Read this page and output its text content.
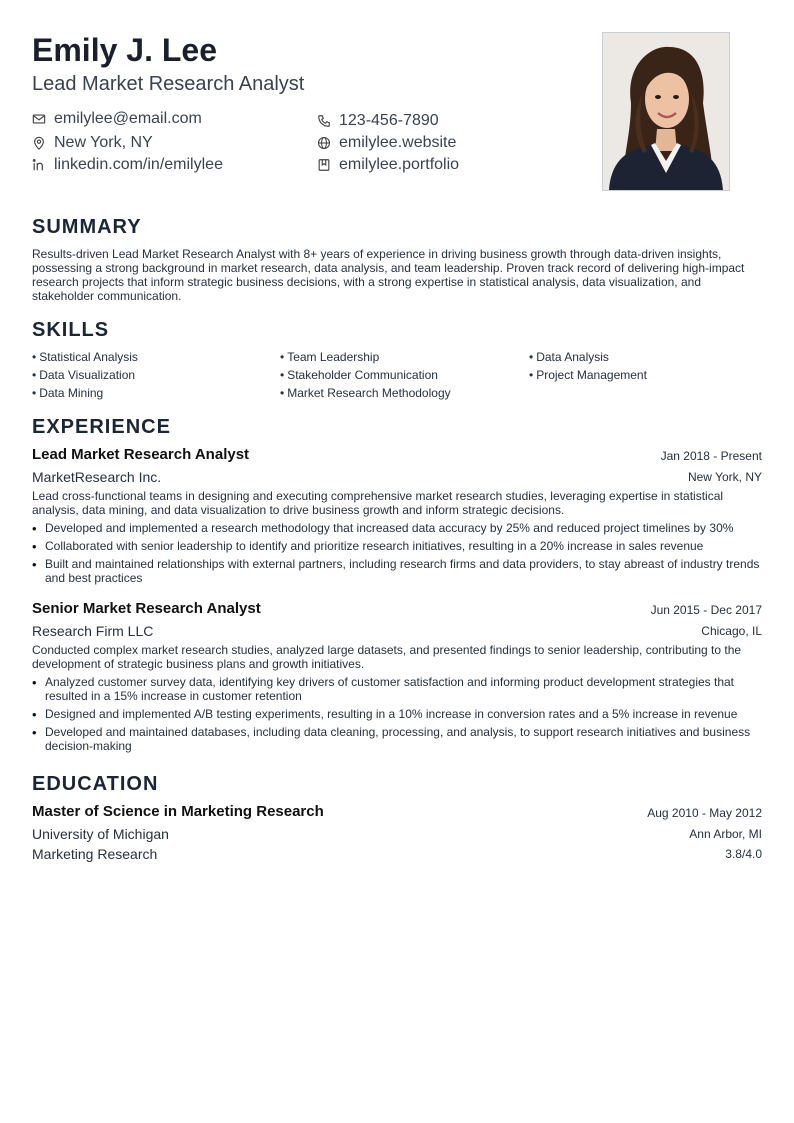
Emily J. Lee
Lead Market Research Analyst
emilylee@email.com	123-456-7890
New York, NY	emilylee.website
linkedin.com/in/emilylee	emilylee.portfolio
SUMMARY

Results-driven Lead Market Research Analyst with 8+ years of experience in driving business growth through data-driven insights, possessing a strong background in market research, data analysis, and team leadership. Proven track record of delivering high-impact research projects that inform strategic business decisions, with a strong expertise in statistical analysis, data visualization, and stakeholder communication.

SKILLS
• Statistical Analysis	• Team Leadership	• Data Analysis
• Data Visualization	• Stakeholder Communication	• Project Management
• Data Mining	• Market Research Methodology
EXPERIENCE
Lead Market Research Analyst	Jan 2018 - Present
MarketResearch Inc.	New York, NY

Lead cross-functional teams in designing and executing comprehensive market research studies, leveraging expertise in statistical analysis, data mining, and data visualization to drive business growth and inform strategic decisions.

• Developed and implemented a research methodology that increased data accuracy by 25% and reduced project timelines by 30%
• Collaborated with senior leadership to identify and prioritize research initiatives, resulting in a 20% increase in sales revenue
• Built and maintained relationships with external partners, including research firms and data providers, to stay abreast of industry trends and best practices
Senior Market Research Analyst	Jun 2015 - Dec 2017
Research Firm LLC	Chicago, IL

Conducted complex market research studies, analyzed large datasets, and presented findings to senior leadership, contributing to the development of strategic business plans and growth initiatives.

• Analyzed customer survey data, identifying key drivers of customer satisfaction and informing product development strategies that resulted in a 15% increase in customer retention
• Designed and implemented A/B testing experiments, resulting in a 10% increase in conversion rates and a 5% increase in revenue
• Developed and maintained databases, including data cleaning, processing, and analysis, to support research initiatives and business decision-making
EDUCATION
Master of Science in Marketing Research	Aug 2010 - May 2012
University of Michigan	Ann Arbor, MI
Marketing Research	3.8/4.0
